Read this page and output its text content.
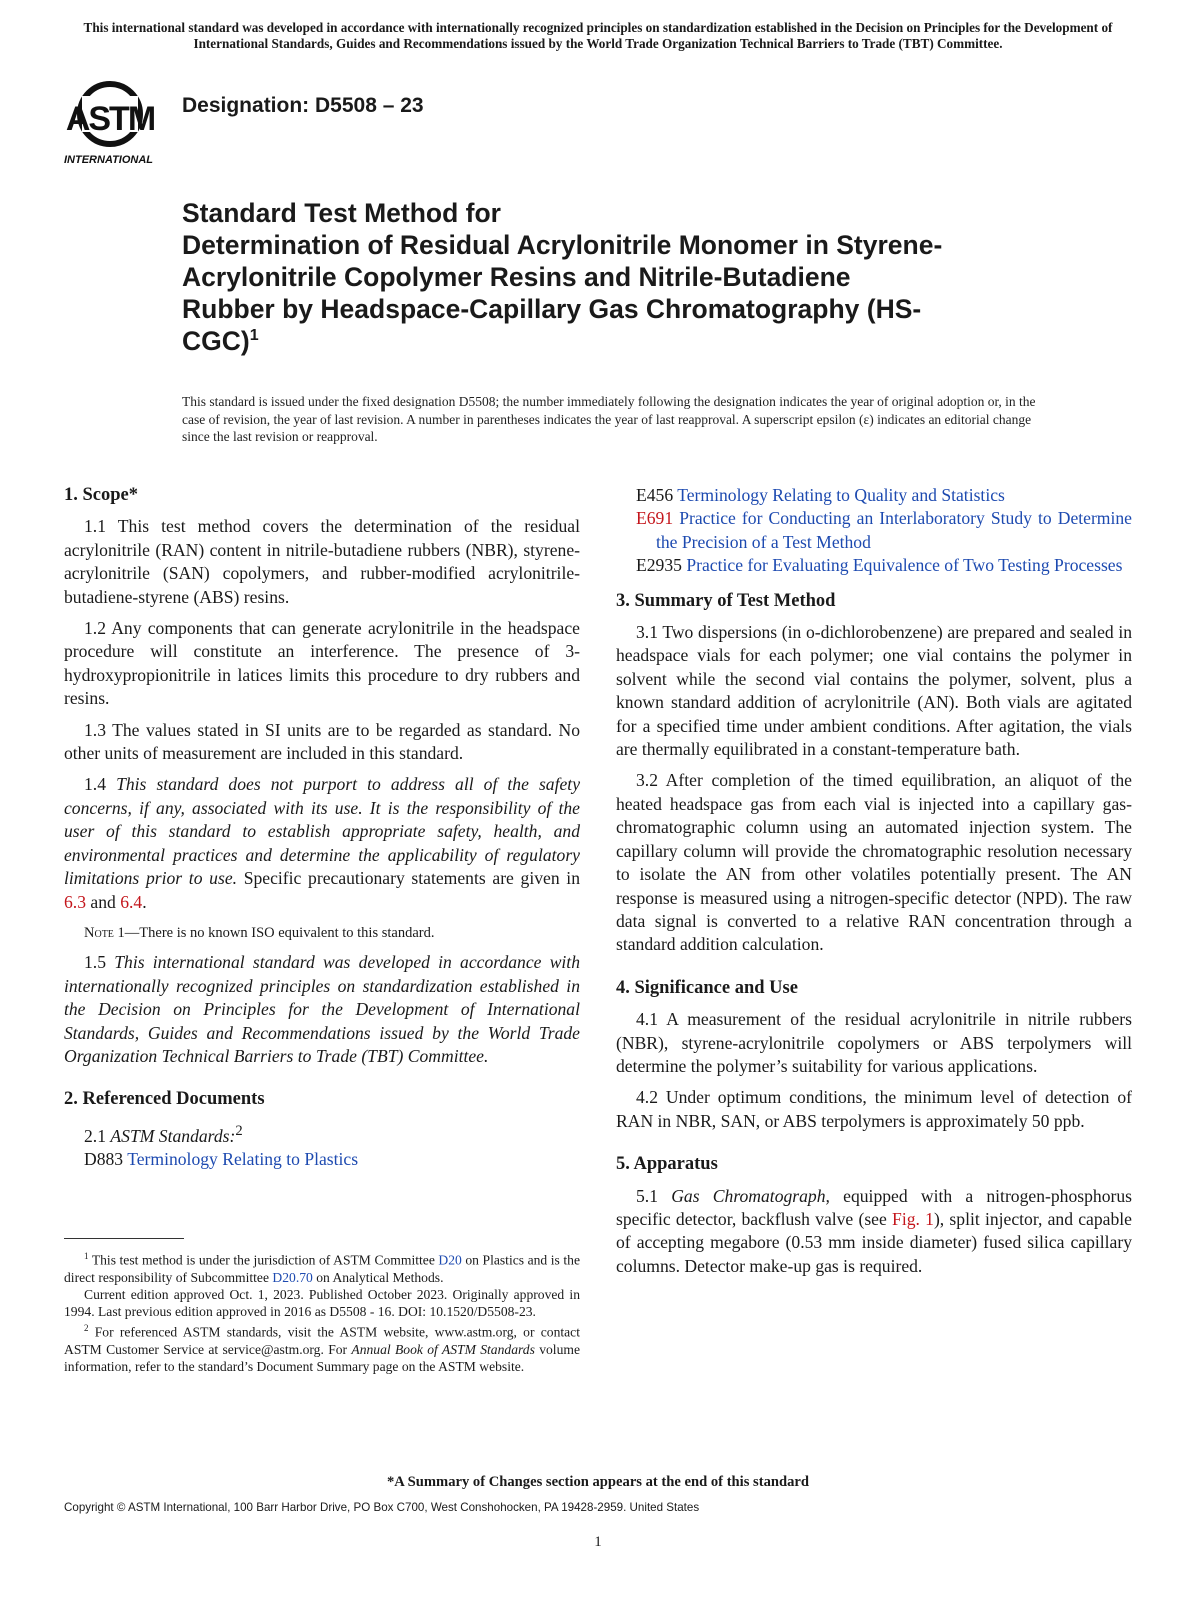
This international standard was developed in accordance with internationally recognized principles on standardization established in the Decision on Principles for the Development of International Standards, Guides and Recommendations issued by the World Trade Organization Technical Barriers to Trade (TBT) Committee.
ASTM
INTERNATIONAL
Designation: D5508 – 23
Standard Test Method for
Determination of Residual Acrylonitrile Monomer in Styrene-
Acrylonitrile Copolymer Resins and Nitrile-Butadiene
Rubber by Headspace-Capillary Gas Chromatography (HS-
CGC)$^1$
This standard is issued under the fixed designation D5508; the number immediately following the designation indicates the year of original adoption or, in the case of revision, the year of last revision. A number in parentheses indicates the year of last reapproval. A superscript epsilon (ε) indicates an editorial change since the last revision or reapproval.
1. Scope*

1.1 This test method covers the determination of the residual acrylonitrile (RAN) content in nitrile-butadiene rubbers (NBR), styrene-acrylonitrile (SAN) copolymers, and rubber-modified acrylonitrile-butadiene-styrene (ABS) resins.

1.2 Any components that can generate acrylonitrile in the headspace procedure will constitute an interference. The presence of 3-hydroxypropionitrile in latices limits this procedure to dry rubbers and resins.

1.3 The values stated in SI units are to be regarded as standard. No other units of measurement are included in this standard.

1.4 This standard does not purport to address all of the safety concerns, if any, associated with its use. It is the responsibility of the user of this standard to establish appropriate safety, health, and environmental practices and determine the applicability of regulatory limitations prior to use. Specific precautionary statements are given in 6.3 and 6.4.

Note 1—There is no known ISO equivalent to this standard.

1.5 This international standard was developed in accordance with internationally recognized principles on standardization established in the Decision on Principles for the Development of International Standards, Guides and Recommendations issued by the World Trade Organization Technical Barriers to Trade (TBT) Committee.

2. Referenced Documents

2.1 ASTM Standards:$^2$

D883 Terminology Relating to Plastics

E456 Terminology Relating to Quality and Statistics

E691 Practice for Conducting an Interlaboratory Study to Determine the Precision of a Test Method

E2935 Practice for Evaluating Equivalence of Two Testing Processes

3. Summary of Test Method

3.1 Two dispersions (in o-dichlorobenzene) are prepared and sealed in headspace vials for each polymer; one vial contains the polymer in solvent while the second vial contains the polymer, solvent, plus a known standard addition of acrylonitrile (AN). Both vials are agitated for a specified time under ambient conditions. After agitation, the vials are thermally equilibrated in a constant-temperature bath.

3.2 After completion of the timed equilibration, an aliquot of the heated headspace gas from each vial is injected into a capillary gas-chromatographic column using an automated injection system. The capillary column will provide the chromatographic resolution necessary to isolate the AN from other volatiles potentially present. The AN response is measured using a nitrogen-specific detector (NPD). The raw data signal is converted to a relative RAN concentration through a standard addition calculation.

4. Significance and Use

4.1 A measurement of the residual acrylonitrile in nitrile rubbers (NBR), styrene-acrylonitrile copolymers or ABS terpolymers will determine the polymer’s suitability for various applications.

4.2 Under optimum conditions, the minimum level of detection of RAN in NBR, SAN, or ABS terpolymers is approximately 50 ppb.

5. Apparatus

5.1 Gas Chromatograph, equipped with a nitrogen-phosphorus specific detector, backflush valve (see Fig. 1), split injector, and capable of accepting megabore (0.53 mm inside diameter) fused silica capillary columns. Detector make-up gas is required.

$^1$ This test method is under the jurisdiction of ASTM Committee D20 on Plastics and is the direct responsibility of Subcommittee D20.70 on Analytical Methods.

Current edition approved Oct. 1, 2023. Published October 2023. Originally approved in 1994. Last previous edition approved in 2016 as D5508 - 16. DOI: 10.1520/D5508-23.

$^2$ For referenced ASTM standards, visit the ASTM website, www.astm.org, or contact ASTM Customer Service at service@astm.org. For Annual Book of ASTM Standards volume information, refer to the standard’s Document Summary page on the ASTM website.

*A Summary of Changes section appears at the end of this standard
Copyright © ASTM International, 100 Barr Harbor Drive, PO Box C700, West Conshohocken, PA 19428-2959. United States
1
